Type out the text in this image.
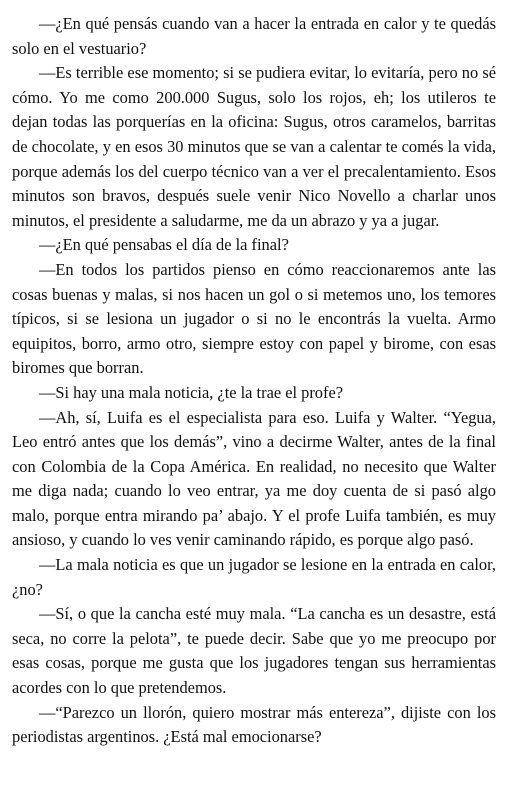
—¿En qué pensás cuando van a hacer la entrada en calor y te quedás solo en el vestuario?

—Es terrible ese momento; si se pudiera evitar, lo evitaría, pero no sé cómo. Yo me como 200.000 Sugus, solo los rojos, eh; los utileros te dejan todas las porquerías en la oficina: Sugus, otros caramelos, barritas de chocolate, y en esos 30 minutos que se van a calentar te comés la vida, porque además los del cuerpo técnico van a ver el precalentamiento. Esos minutos son bravos, después suele venir Nico Novello a charlar unos minutos, el presidente a saludarme, me da un abrazo y ya a jugar.

—¿En qué pensabas el día de la final?

—En todos los partidos pienso en cómo reaccionaremos ante las cosas buenas y malas, si nos hacen un gol o si metemos uno, los temores típicos, si se lesiona un jugador o si no le encontrás la vuelta. Armo equipitos, borro, armo otro, siempre estoy con papel y birome, con esas biromes que borran.

—Si hay una mala noticia, ¿te la trae el profe?

—Ah, sí, Luifa es el especialista para eso. Luifa y Walter. “Yegua, Leo entró antes que los demás”, vino a decirme Walter, antes de la final con Colombia de la Copa América. En realidad, no necesito que Walter me diga nada; cuando lo veo entrar, ya me doy cuenta de si pasó algo malo, porque entra mirando pa’ abajo. Y el profe Luifa también, es muy ansioso, y cuando lo ves venir caminando rápido, es porque algo pasó.

—La mala noticia es que un jugador se lesione en la entrada en calor, ¿no?

—Sí, o que la cancha esté muy mala. “La cancha es un desastre, está seca, no corre la pelota”, te puede decir. Sabe que yo me preocupo por esas cosas, porque me gusta que los jugadores tengan sus herramientas acordes con lo que pretendemos.

—“Parezco un llorón, quiero mostrar más entereza”, dijiste con los periodistas argentinos. ¿Está mal emocionarse?
